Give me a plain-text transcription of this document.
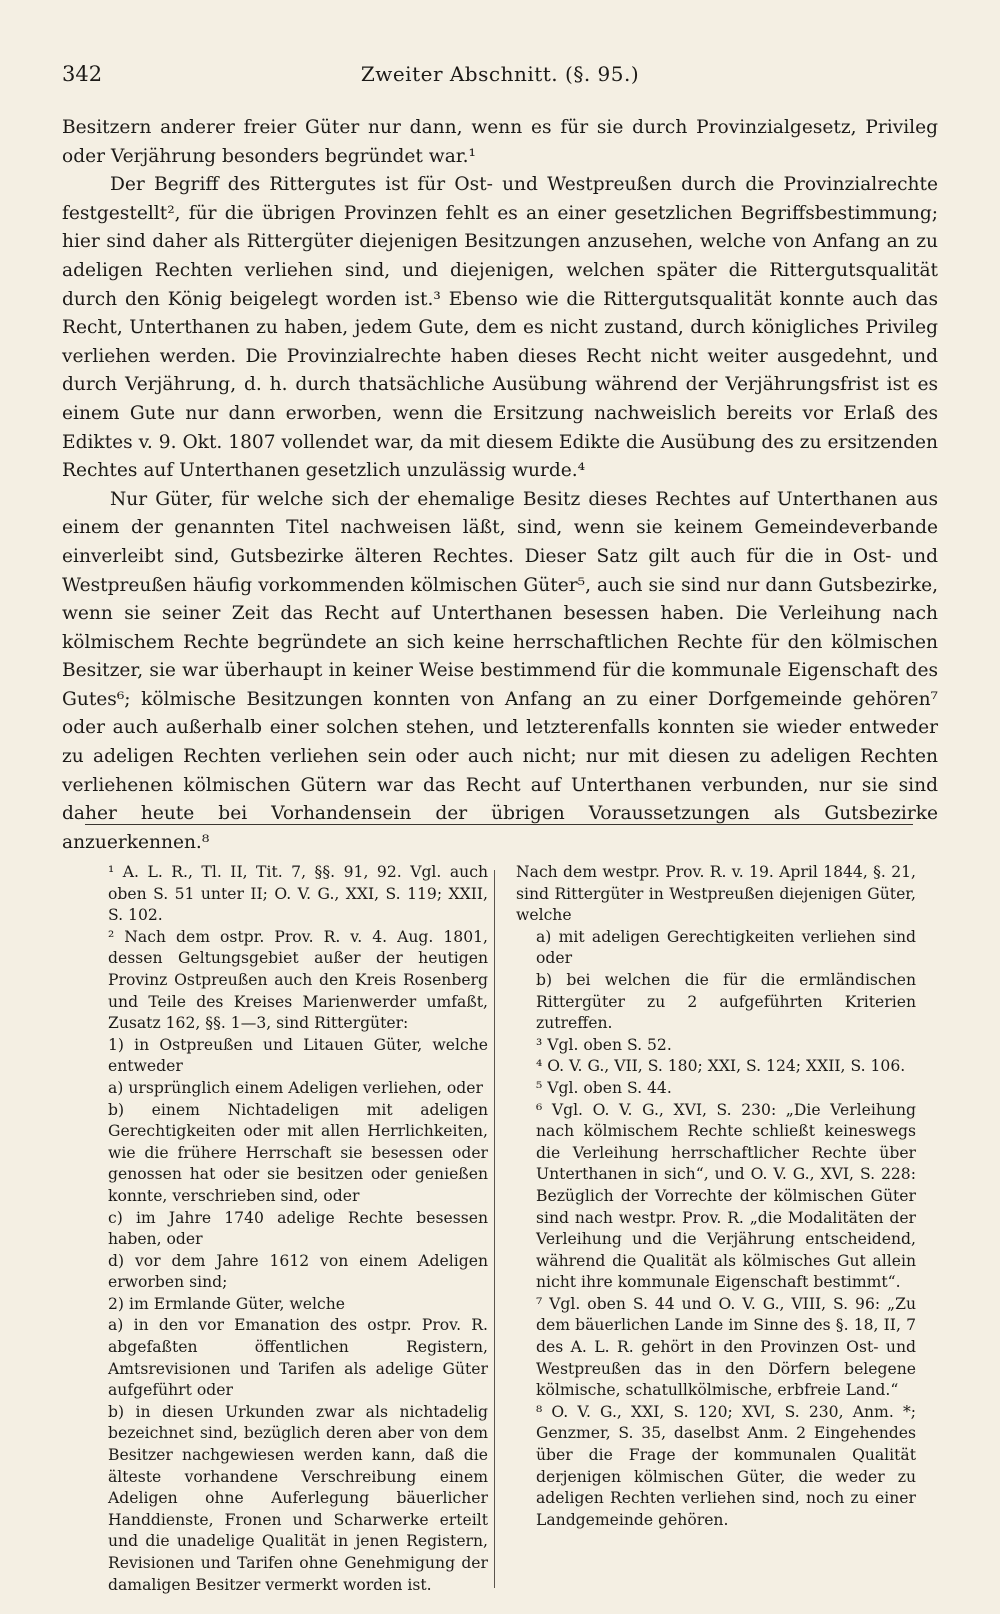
342	Zweiter Abschnitt. (§. 95.)

Besitzern anderer freier Güter nur dann, wenn es für sie durch Provinzialgesetz, Privileg oder Verjährung besonders begründet war.¹

Der Begriff des Rittergutes ist für Ost- und Westpreußen durch die Provinzialrechte festgestellt², für die übrigen Provinzen fehlt es an einer gesetzlichen Begriffsbestimmung; hier sind daher als Rittergüter diejenigen Besitzungen anzusehen, welche von Anfang an zu adeligen Rechten verliehen sind, und diejenigen, welchen später die Rittergutsqualität durch den König beigelegt worden ist.³ Ebenso wie die Rittergutsqualität konnte auch das Recht, Unterthanen zu haben, jedem Gute, dem es nicht zustand, durch königliches Privileg verliehen werden. Die Provinzialrechte haben dieses Recht nicht weiter ausgedehnt, und durch Verjährung, d. h. durch thatsächliche Ausübung während der Verjährungsfrist ist es einem Gute nur dann erworben, wenn die Ersitzung nachweislich bereits vor Erlaß des Ediktes v. 9. Okt. 1807 vollendet war, da mit diesem Edikte die Ausübung des zu ersitzenden Rechtes auf Unterthanen gesetzlich unzulässig wurde.⁴

Nur Güter, für welche sich der ehemalige Besitz dieses Rechtes auf Unterthanen aus einem der genannten Titel nachweisen läßt, sind, wenn sie keinem Gemeindeverbande einverleibt sind, Gutsbezirke älteren Rechtes. Dieser Satz gilt auch für die in Ost- und Westpreußen häufig vorkommenden kölmischen Güter⁵, auch sie sind nur dann Gutsbezirke, wenn sie seiner Zeit das Recht auf Unterthanen besessen haben. Die Verleihung nach kölmischem Rechte begründete an sich keine herrschaftlichen Rechte für den kölmischen Besitzer, sie war überhaupt in keiner Weise bestimmend für die kommunale Eigenschaft des Gutes⁶; kölmische Besitzungen konnten von Anfang an zu einer Dorfgemeinde gehören⁷ oder auch außerhalb einer solchen stehen, und letzterenfalls konnten sie wieder entweder zu adeligen Rechten verliehen sein oder auch nicht; nur mit diesen zu adeligen Rechten verliehenen kölmischen Gütern war das Recht auf Unterthanen verbunden, nur sie sind daher heute bei Vorhandensein der übrigen Voraussetzungen als Gutsbezirke anzuerkennen.⁸

¹ A. L. R., Tl. II, Tit. 7, §§. 91, 92. Vgl. auch oben S. 51 unter II; O. V. G., XXI, S. 119; XXII, S. 102.
² Nach dem ostpr. Prov. R. v. 4. Aug. 1801, dessen Geltungsgebiet außer der heutigen Provinz Ostpreußen auch den Kreis Rosenberg und Teile des Kreises Marienwerder umfaßt, Zusatz 162, §§. 1—3, sind Rittergüter:
1) in Ostpreußen und Litauen Güter, welche entweder
a) ursprünglich einem Adeligen verliehen, oder
b) einem Nichtadeligen mit adeligen Gerechtigkeiten oder mit allen Herrlichkeiten, wie die frühere Herrschaft sie besessen oder genossen hat oder sie besitzen oder genießen konnte, verschrieben sind, oder
c) im Jahre 1740 adelige Rechte besessen haben, oder
d) vor dem Jahre 1612 von einem Adeligen erworben sind;
2) im Ermlande Güter, welche
a) in den vor Emanation des ostpr. Prov. R. abgefaßten öffentlichen Registern, Amtsrevisionen und Tarifen als adelige Güter aufgeführt oder
b) in diesen Urkunden zwar als nichtadelig bezeichnet sind, bezüglich deren aber von dem Besitzer nachgewiesen werden kann, daß die älteste vorhandene Verschreibung einem Adeligen ohne Auferlegung bäuerlicher Handdienste, Fronen und Scharwerke erteilt und die unadelige Qualität in jenen Registern, Revisionen und Tarifen ohne Genehmigung der damaligen Besitzer vermerkt worden ist.
Nach dem westpr. Prov. R. v. 19. April 1844, §. 21, sind Rittergüter in Westpreußen diejenigen Güter, welche
a) mit adeligen Gerechtigkeiten verliehen sind oder
b) bei welchen die für die ermländischen Rittergüter zu 2 aufgeführten Kriterien zutreffen.
³ Vgl. oben S. 52.
⁴ O. V. G., VII, S. 180; XXI, S. 124; XXII, S. 106.
⁵ Vgl. oben S. 44.
⁶ Vgl. O. V. G., XVI, S. 230: „Die Verleihung nach kölmischem Rechte schließt keineswegs die Verleihung herrschaftlicher Rechte über Unterthanen in sich“, und O. V. G., XVI, S. 228: Bezüglich der Vorrechte der kölmischen Güter sind nach westpr. Prov. R. „die Modalitäten der Verleihung und die Verjährung entscheidend, während die Qualität als kölmisches Gut allein nicht ihre kommunale Eigenschaft bestimmt“.
⁷ Vgl. oben S. 44 und O. V. G., VIII, S. 96: „Zu dem bäuerlichen Lande im Sinne des §. 18, II, 7 des A. L. R. gehört in den Provinzen Ost- und Westpreußen das in den Dörfern belegene kölmische, schatullkölmische, erbfreie Land.“
⁸ O. V. G., XXI, S. 120; XVI, S. 230, Anm. *; Genzmer, S. 35, daselbst Anm. 2 Eingehendes über die Frage der kommunalen Qualität derjenigen kölmischen Güter, die weder zu adeligen Rechten verliehen sind, noch zu einer Landgemeinde gehören.
